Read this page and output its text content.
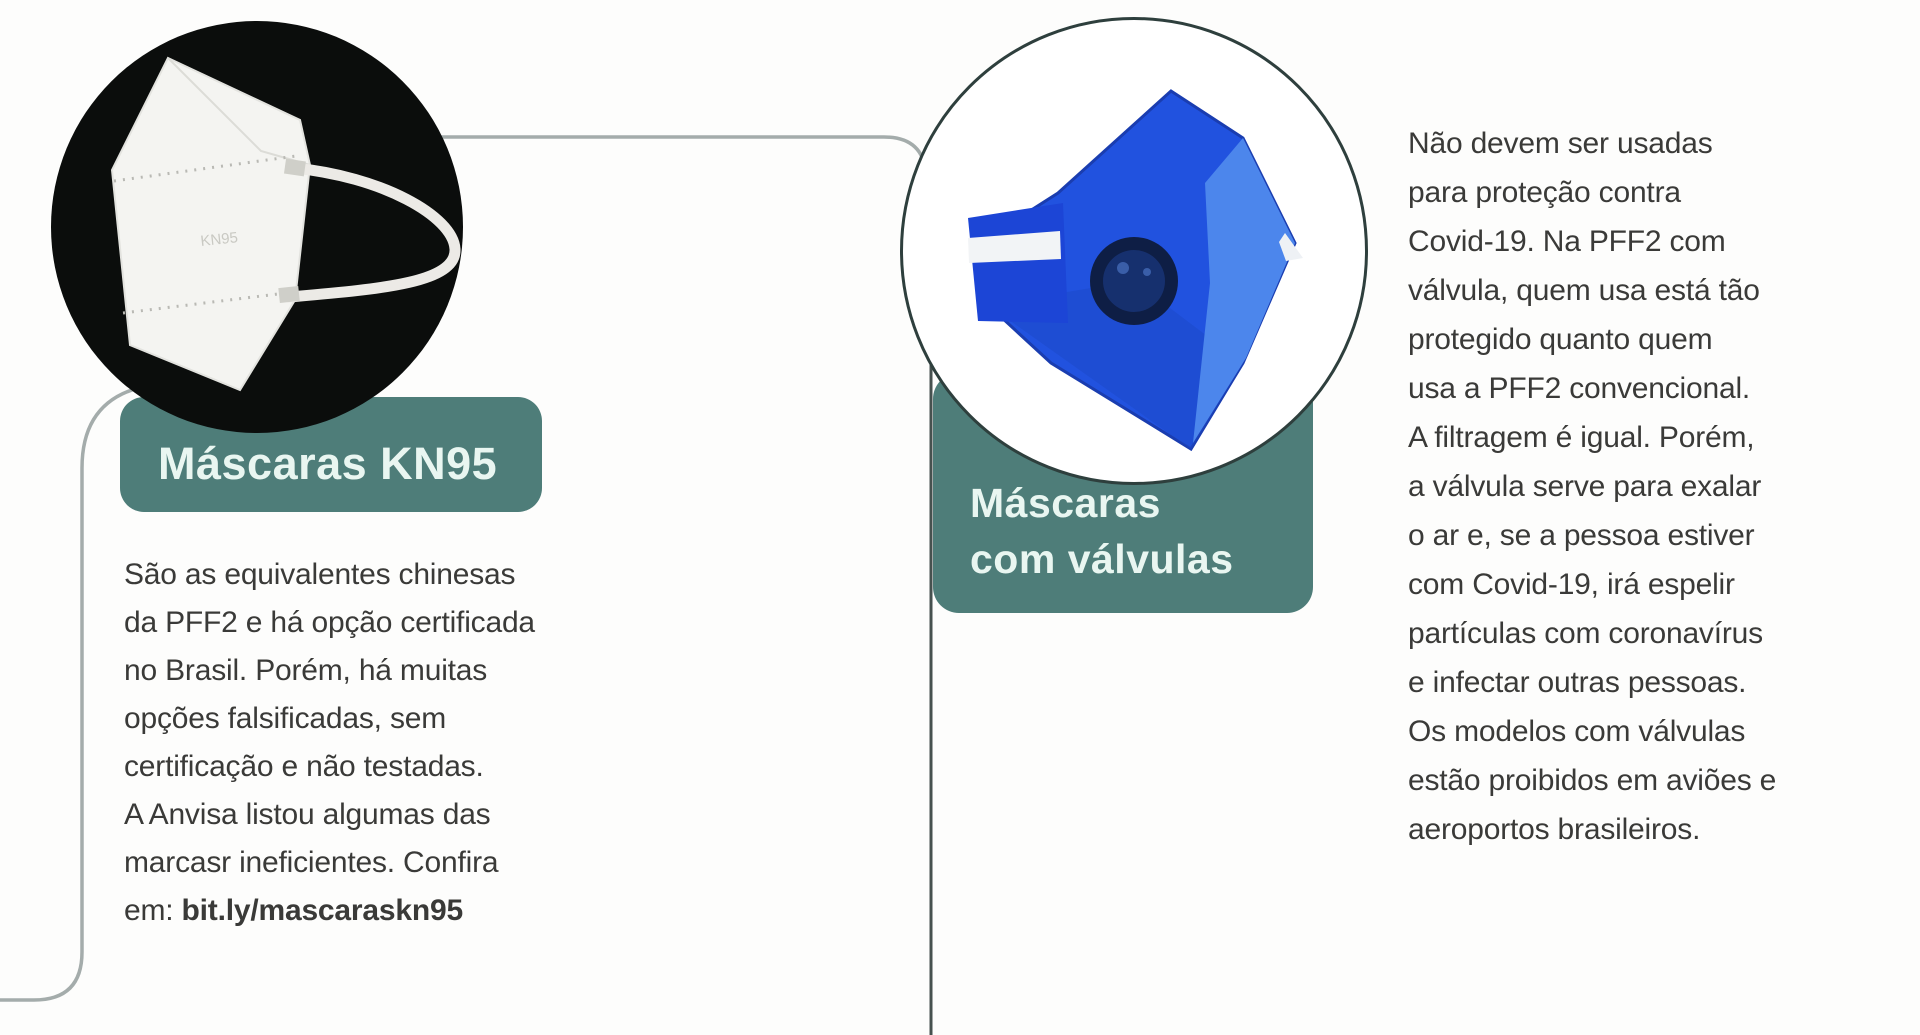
Máscaras KN95
Máscaras
com válvulas
KN95
São as equivalentes chinesas
da PFF2 e há opção certificada
no Brasil. Porém, há muitas
opções falsificadas, sem
certificação e não testadas.
A Anvisa listou algumas das
marcasr ineficientes. Confira
em: bit.ly/mascaraskn95
Não devem ser usadas
para proteção contra
Covid-19. Na PFF2 com
válvula, quem usa está tão
protegido quanto quem
usa a PFF2 convencional.
A filtragem é igual. Porém,
a válvula serve para exalar
o ar e, se a pessoa estiver
com Covid-19, irá espelir
partículas com coronavírus
e infectar outras pessoas.
Os modelos com válvulas
estão proibidos em aviões e
aeroportos brasileiros.
